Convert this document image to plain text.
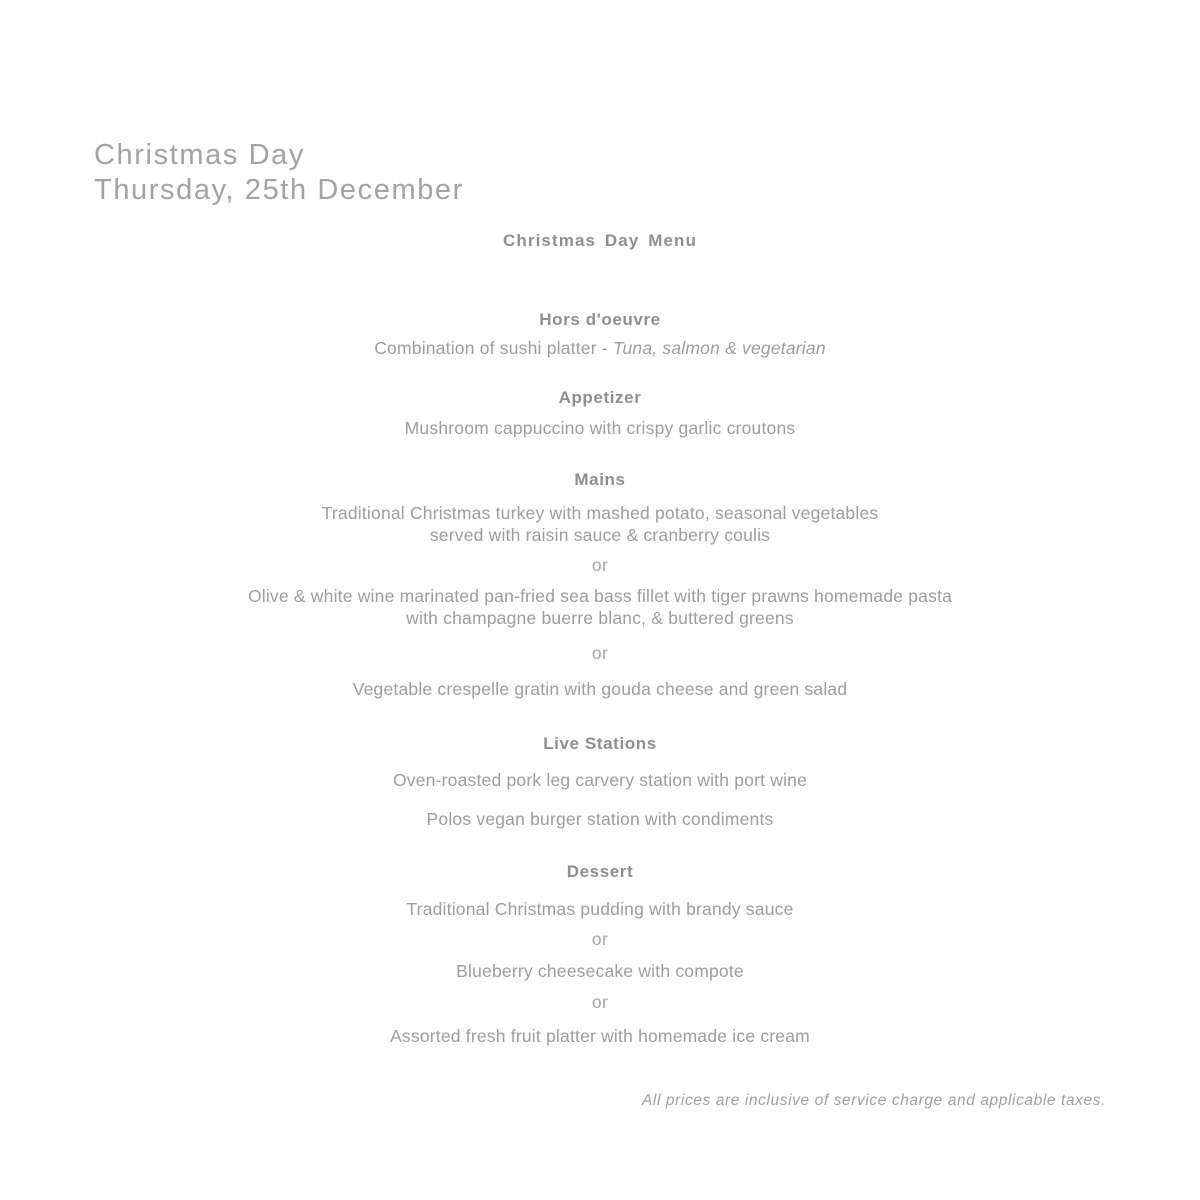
Christmas Day
Thursday, 25th December
Christmas Day Menu
Hors d'oeuvre
Combination of sushi platter - Tuna, salmon & vegetarian
Appetizer
Mushroom cappuccino with crispy garlic croutons
Mains
Traditional Christmas turkey with mashed potato, seasonal vegetables
served with raisin sauce & cranberry coulis
or
Olive & white wine marinated pan-fried sea bass fillet with tiger prawns homemade pasta
with champagne buerre blanc, & buttered greens
or
Vegetable crespelle gratin with gouda cheese and green salad
Live Stations
Oven-roasted pork leg carvery station with port wine
Polos vegan burger station with condiments
Dessert
Traditional Christmas pudding with brandy sauce
or
Blueberry cheesecake with compote
or
Assorted fresh fruit platter with homemade ice cream
All prices are inclusive of service charge and applicable taxes.
